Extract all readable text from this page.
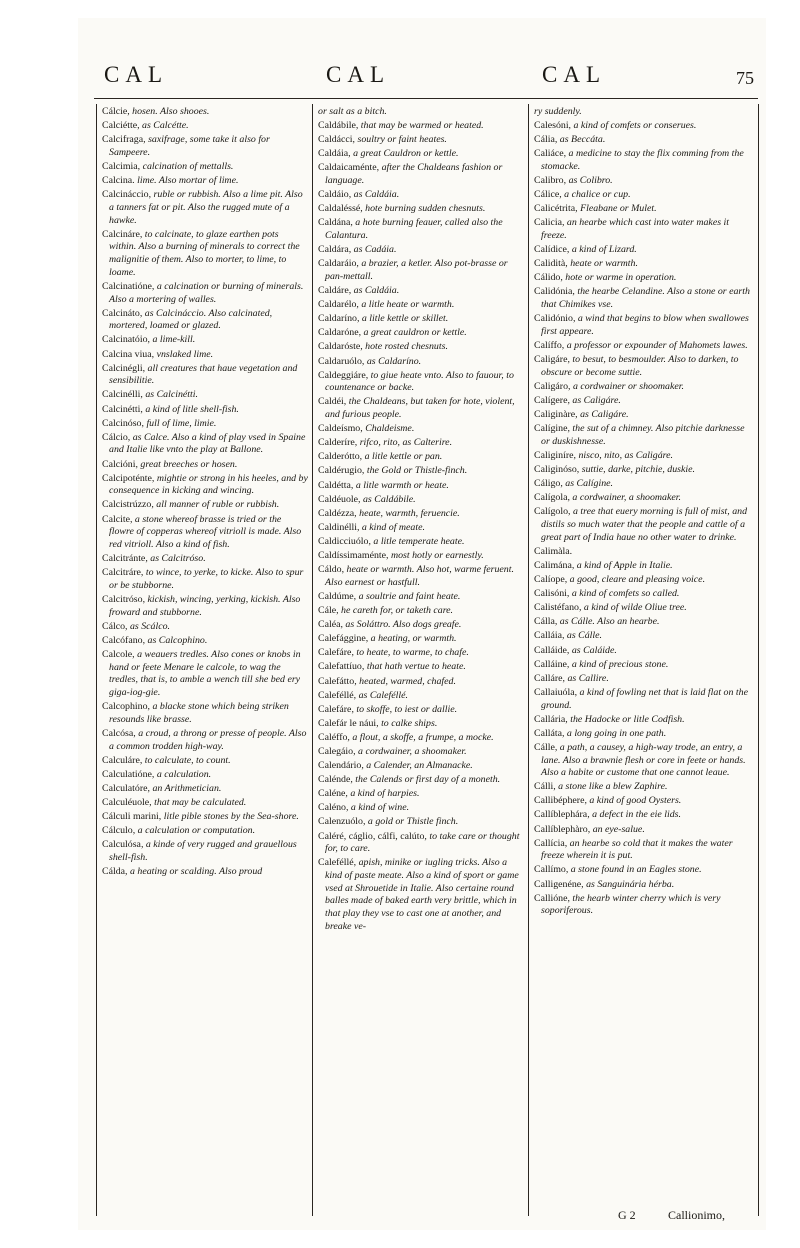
CAL	CAL	CAL	75
Cálcie, hosen. Also shooes.
Calciétte, as Calcétte.
Calcifraga, saxifrage, some take it also for Sampeere.
Calcimia, calcination of mettalls.
Calcina. lime. Also mortar of lime.
Calcináccio, ruble or rubbish. Also a lime pit. Also a tanners fat or pit. Also the rugged mute of a hawke.
Calcináre, to calcinate, to glaze earthen pots within. Also a burning of minerals to correct the malignitie of them. Also to morter, to lime, to loame.
Calcinatióne, a calcination or burning of minerals. Also a mortering of walles.
Calcináto, as Calcináccio. Also calcinated, mortered, loamed or glazed.
Calcinatóio, a lime-kill.
Calcina viua, vnslaked lime.
Calcinégli, all creatures that haue vegetation and sensibilitie.
Calcinélli, as Calcinétti.
Calcinétti, a kind of litle shell-fish.
Calcinóso, full of lime, limie.
Cálcio, as Calce. Also a kind of play vsed in Spaine and Italie like vnto the play at Ballone.
Calcióni, great breeches or hosen.
Calcipoténte, mightie or strong in his heeles, and by consequence in kicking and wincing.
Calcistrúzzo, all manner of ruble or rubbish.
Calcite, a stone whereof brasse is tried or the flowre of copperas whereof vitrioll is made. Also red vitrioll. Also a kind of fish.
Calcitránte, as Calcitróso.
Calcitráre, to wince, to yerke, to kicke. Also to spur or be stubborne.
Calcitróso, kickish, wincing, yerking, kickish. Also froward and stubborne.
Cálco, as Scálco.
Calcófano, as Calcophino.
Calcole, a weauers tredles. Also cones or knobs in hand or feete Menare le calcole, to wag the tredles, that is, to amble a wench till she bed ery giga-iog-gie.
Calcophino, a blacke stone which being striken resounds like brasse.
Calcósa, a croud, a throng or presse of people. Also a common trodden high-way.
Calculáre, to calculate, to count.
Calculatióne, a calculation.
Calculatóre, an Arithmetician.
Calculéuole, that may be calculated.
Cálculi marini, litle pible stones by the Sea-shore.
Cálculo, a calculation or computation.
Calculósa, a kinde of very rugged and grauellous shell-fish.
Cálda, a heating or scalding. Also proud
or salt as a bitch.
Caldábile, that may be warmed or heated.
Caldácci, soultry or faint heates.
Caldáia, a great Cauldron or kettle.
Caldaicaménte, after the Chaldeans fashion or language.
Caldáio, as Caldáia.
Caldaléssé, hote burning sudden chesnuts.
Caldána, a hote burning feauer, called also the Calantura.
Caldára, as Cadáia.
Caldaráio, a brazier, a ketler. Also pot-brasse or pan-mettall.
Caldáre, as Caldáia.
Caldarélo, a litle heate or warmth.
Caldaríno, a litle kettle or skillet.
Caldaróne, a great cauldron or kettle.
Caldaróste, hote rosted chesnuts.
Caldaruólo, as Caldaríno.
Caldeggiáre, to giue heate vnto. Also to fauour, to countenance or backe.
Caldéi, the Chaldeans, but taken for hote, violent, and furious people.
Caldeísmo, Chaldeisme.
Calderíre, rifco, rito, as Calterire.
Calderótto, a litle kettle or pan.
Caldérugio, the Gold or Thistle-finch.
Caldétta, a litle warmth or heate.
Caldéuole, as Caldábile.
Caldézza, heate, warmth, feruencie.
Caldinélli, a kind of meate.
Caldicciuólo, a litle temperate heate.
Caldíssimaménte, most hotly or earnestly.
Cáldo, heate or warmth. Also hot, warme feruent. Also earnest or hastfull.
Caldúme, a soultrie and faint heate.
Cále, he careth for, or taketh care.
Caléa, as Soláttro. Also dogs greafe.
Calefággine, a heating, or warmth.
Calefáre, to heate, to warme, to chafe.
Calefattíuo, that hath vertue to heate.
Calefátto, heated, warmed, chafed.
Caleféllé, as Caleféllé.
Calefáre, to skoffe, to iest or dallie.
Calefár le náui, to calke ships.
Caléffo, a flout, a skoffe, a frumpe, a mocke.
Calegáio, a cordwainer, a shoomaker.
Calendário, a Calender, an Almanacke.
Calénde, the Calends or first day of a moneth.
Caléne, a kind of harpies.
Caléno, a kind of wine.
Calenzuólo, a gold or Thistle finch.
Caléré, cáglio, cálfi, calúto, to take care or thought for, to care.
Caleféllé, apish, minike or iugling tricks. Also a kind of paste meate. Also a kind of sport or game vsed at Shrouetide in Italie. Also certaine round balles made of baked earth very brittle, which in that play they vse to cast one at another, and breake ve-
ry suddenly.
Calesóni, a kind of comfets or conserues.
Cália, as Beccáta.
Caliáce, a medicine to stay the flix comming from the stomacke.
Calibro, as Colibro.
Cálice, a chalice or cup.
Calicétrita, Fleabane or Mulet.
Calicia, an hearbe which cast into water makes it freeze.
Calídice, a kind of Lizard.
Calidità, heate or warmth.
Cálido, hote or warme in operation.
Calidónia, the hearbe Celandine. Also a stone or earth that Chimikes vse.
Calidónio, a wind that begins to blow when swallowes first appeare.
Calíffo, a professor or expounder of Mahomets lawes.
Caligáre, to besut, to besmoulder. Also to darken, to obscure or become suttie.
Caligáro, a cordwainer or shoomaker.
Calígere, as Caligáre.
Caliginàre, as Caligáre.
Calígine, the sut of a chimney. Also pitchie darknesse or duskishnesse.
Caliginíre, nisco, nito, as Caligáre.
Caliginóso, suttie, darke, pitchie, duskie.
Cáligo, as Calígine.
Calígola, a cordwainer, a shoomaker.
Calígolo, a tree that euery morning is full of mist, and distils so much water that the people and cattle of a great part of India haue no other water to drinke.
Calimàla.
Calimána, a kind of Apple in Italie.
Calíope, a good, cleare and pleasing voice.
Calisóni, a kind of comfets so called.
Calistéfano, a kind of wilde Oliue tree.
Cálla, as Cálle. Also an hearbe.
Calláia, as Cálle.
Calláide, as Caláide.
Calláine, a kind of precious stone.
Calláre, as Callire.
Callaiuóla, a kind of fowling net that is laid flat on the ground.
Callária, the Hadocke or litle Codfish.
Calláta, a long going in one path.
Cálle, a path, a causey, a high-way trode, an entry, a lane. Also a brawnie flesh or core in feete or hands. Also a habite or custome that one cannot leaue.
Cálli, a stone like a blew Zaphire.
Callibéphere, a kind of good Oysters.
Callíblephára, a defect in the eie lids.
Callíblephàro, an eye-salue.
Callícia, an hearbe so cold that it makes the water freeze wherein it is put.
Callímo, a stone found in an Eagles stone.
Calligenéne, as Sanguinária hérba.
Callióne, the hearb winter cherry which is very soporiferous.
G 2	Callionimo,
